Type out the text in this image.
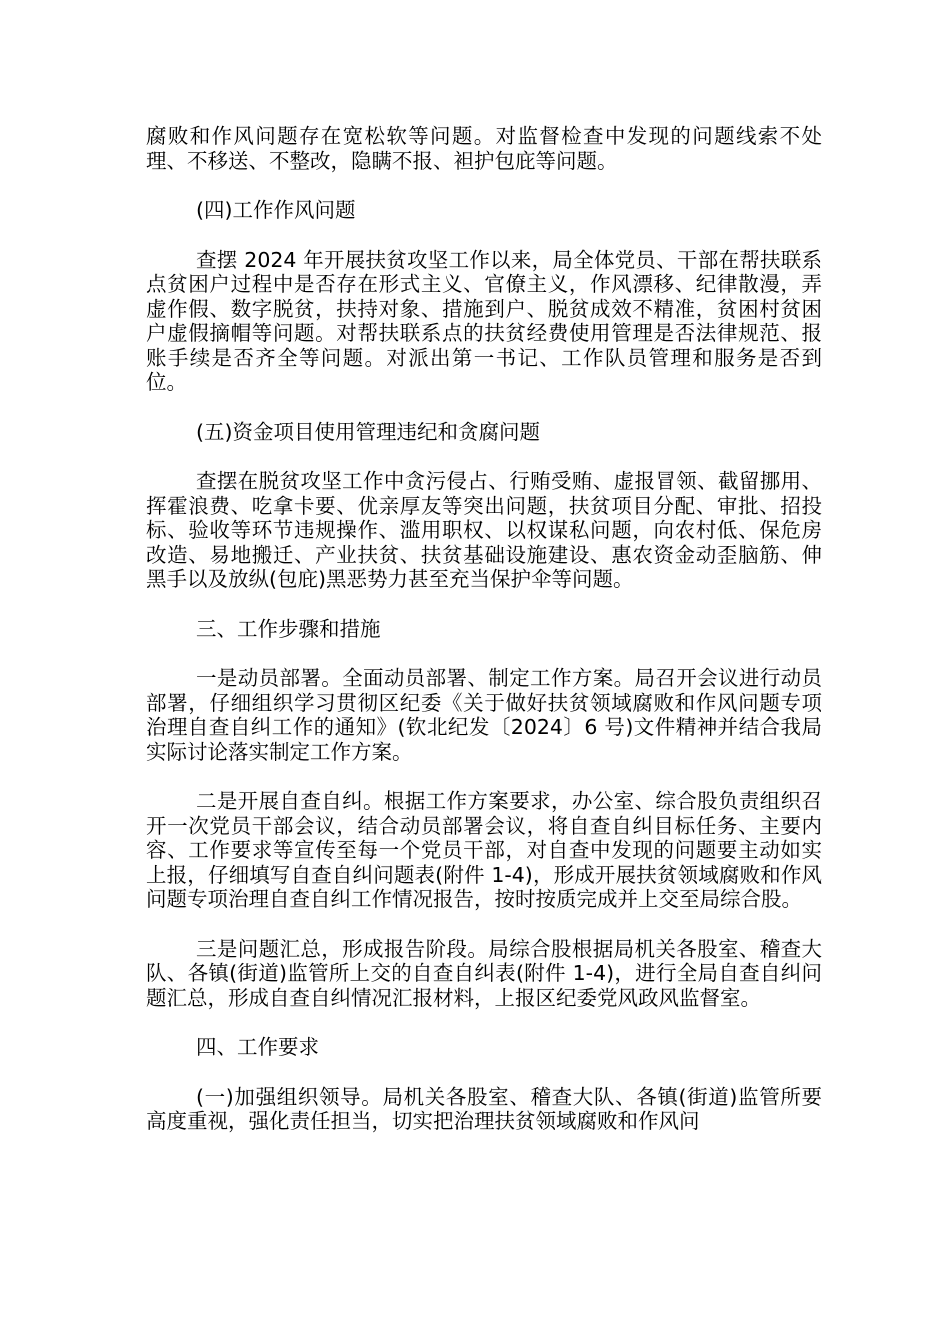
腐败和作风问题存在宽松软等问题。对监督检查中发现的问题线索不处理、不移送、不整改，隐瞒不报、袒护包庇等问题。

(四)工作作风问题

查摆 2024 年开展扶贫攻坚工作以来，局全体党员、干部在帮扶联系点贫困户过程中是否存在形式主义、官僚主义，作风漂移、纪律散漫，弄虚作假、数字脱贫，扶持对象、措施到户、脱贫成效不精准，贫困村贫困户虚假摘帽等问题。对帮扶联系点的扶贫经费使用管理是否法律规范、报账手续是否齐全等问题。对派出第一书记、工作队员管理和服务是否到位。

(五)资金项目使用管理违纪和贪腐问题

查摆在脱贫攻坚工作中贪污侵占、行贿受贿、虚报冒领、截留挪用、挥霍浪费、吃拿卡要、优亲厚友等突出问题，扶贫项目分配、审批、招投标、验收等环节违规操作、滥用职权、以权谋私问题，向农村低、保危房改造、易地搬迁、产业扶贫、扶贫基础设施建设、惠农资金动歪脑筋、伸黑手以及放纵(包庇)黑恶势力甚至充当保护伞等问题。

三、工作步骤和措施

一是动员部署。全面动员部署、制定工作方案。局召开会议进行动员部署，仔细组织学习贯彻区纪委《关于做好扶贫领域腐败和作风问题专项治理自查自纠工作的通知》(钦北纪发〔2024〕6 号)文件精神并结合我局实际讨论落实制定工作方案。

二是开展自查自纠。根据工作方案要求，办公室、综合股负责组织召开一次党员干部会议，结合动员部署会议，将自查自纠目标任务、主要内容、工作要求等宣传至每一个党员干部，对自查中发现的问题要主动如实上报，仔细填写自查自纠问题表(附件 1-4)，形成开展扶贫领域腐败和作风问题专项治理自查自纠工作情况报告，按时按质完成并上交至局综合股。

三是问题汇总，形成报告阶段。局综合股根据局机关各股室、稽查大队、各镇(街道)监管所上交的自查自纠表(附件 1-4)，进行全局自查自纠问题汇总，形成自查自纠情况汇报材料，上报区纪委党风政风监督室。

四、工作要求

(一)加强组织领导。局机关各股室、稽查大队、各镇(街道)监管所要高度重视，强化责任担当，切实把治理扶贫领域腐败和作风问
